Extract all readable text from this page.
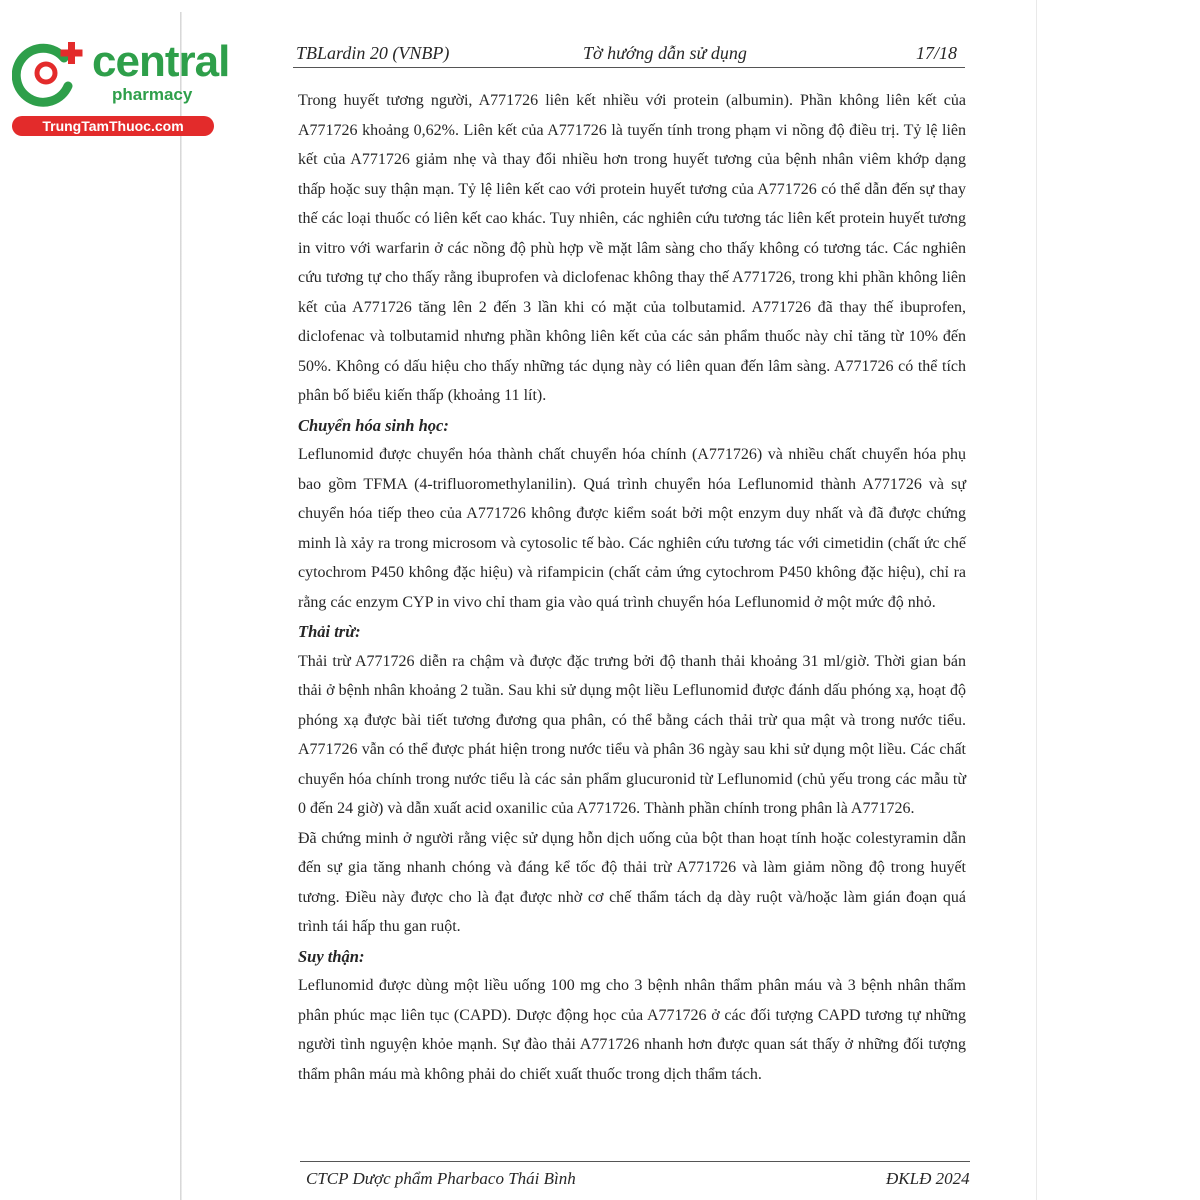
central
pharmacy
TrungTamThuoc.com
TBLardin 20 (VNBP)	Tờ hướng dẫn sử dụng	17/18

Trong huyết tương người, A771726 liên kết nhiều với protein (albumin). Phần không liên kết của A771726 khoảng 0,62%. Liên kết của A771726 là tuyến tính trong phạm vi nồng độ điều trị. Tỷ lệ liên kết của A771726 giảm nhẹ và thay đổi nhiều hơn trong huyết tương của bệnh nhân viêm khớp dạng thấp hoặc suy thận mạn. Tỷ lệ liên kết cao với protein huyết tương của A771726 có thể dẫn đến sự thay thế các loại thuốc có liên kết cao khác. Tuy nhiên, các nghiên cứu tương tác liên kết protein huyết tương in vitro với warfarin ở các nồng độ phù hợp về mặt lâm sàng cho thấy không có tương tác. Các nghiên cứu tương tự cho thấy rằng ibuprofen và diclofenac không thay thế A771726, trong khi phần không liên kết của A771726 tăng lên 2 đến 3 lần khi có mặt của tolbutamid. A771726 đã thay thế ibuprofen, diclofenac và tolbutamid nhưng phần không liên kết của các sản phẩm thuốc này chỉ tăng từ 10% đến 50%. Không có dấu hiệu cho thấy những tác dụng này có liên quan đến lâm sàng. A771726 có thể tích phân bố biểu kiến thấp (khoảng 11 lít).

Chuyển hóa sinh học:

Leflunomid được chuyển hóa thành chất chuyển hóa chính (A771726) và nhiều chất chuyển hóa phụ bao gồm TFMA (4-trifluoromethylanilin). Quá trình chuyển hóa Leflunomid thành A771726 và sự chuyển hóa tiếp theo của A771726 không được kiểm soát bởi một enzym duy nhất và đã được chứng minh là xảy ra trong microsom và cytosolic tế bào. Các nghiên cứu tương tác với cimetidin (chất ức chế cytochrom P450 không đặc hiệu) và rifampicin (chất cảm ứng cytochrom P450 không đặc hiệu), chỉ ra rằng các enzym CYP in vivo chỉ tham gia vào quá trình chuyển hóa Leflunomid ở một mức độ nhỏ.

Thải trừ:

Thải trừ A771726 diễn ra chậm và được đặc trưng bởi độ thanh thải khoảng 31 ml/giờ. Thời gian bán thải ở bệnh nhân khoảng 2 tuần. Sau khi sử dụng một liều Leflunomid được đánh dấu phóng xạ, hoạt độ phóng xạ được bài tiết tương đương qua phân, có thể bằng cách thải trừ qua mật và trong nước tiểu. A771726 vẫn có thể được phát hiện trong nước tiểu và phân 36 ngày sau khi sử dụng một liều. Các chất chuyển hóa chính trong nước tiểu là các sản phẩm glucuronid từ Leflunomid (chủ yếu trong các mẫu từ 0 đến 24 giờ) và dẫn xuất acid oxanilic của A771726. Thành phần chính trong phân là A771726.

Đã chứng minh ở người rằng việc sử dụng hỗn dịch uống của bột than hoạt tính hoặc colestyramin dẫn đến sự gia tăng nhanh chóng và đáng kể tốc độ thải trừ A771726 và làm giảm nồng độ trong huyết tương. Điều này được cho là đạt được nhờ cơ chế thẩm tách dạ dày ruột và/hoặc làm gián đoạn quá trình tái hấp thu gan ruột.

Suy thận:

Leflunomid được dùng một liều uống 100 mg cho 3 bệnh nhân thẩm phân máu và 3 bệnh nhân thẩm phân phúc mạc liên tục (CAPD). Dược động học của A771726 ở các đối tượng CAPD tương tự những người tình nguyện khỏe mạnh. Sự đào thải A771726 nhanh hơn được quan sát thấy ở những đối tượng thẩm phân máu mà không phải do chiết xuất thuốc trong dịch thẩm tách.

CTCP Dược phẩm Pharbaco Thái Bình	ĐKLĐ 2024
